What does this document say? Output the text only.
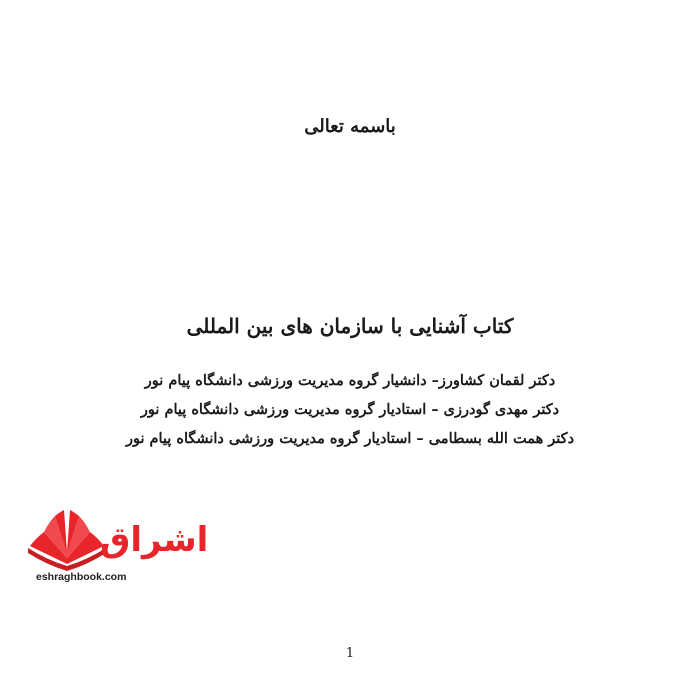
باسمه تعالی
کتاب آشنایی با سازمان های بین المللی
دکتر لقمان کشاورز– دانشیار گروه مدیریت ورزشی دانشگاه پیام نور
دکتر مهدی گودرزی – استادیار گروه مدیریت ورزشی دانشگاه پیام نور
دکتر همت الله بسطامی – استادیار گروه مدیریت ورزشی دانشگاه پیام نور
اشراق
eshraghbook.com
1
